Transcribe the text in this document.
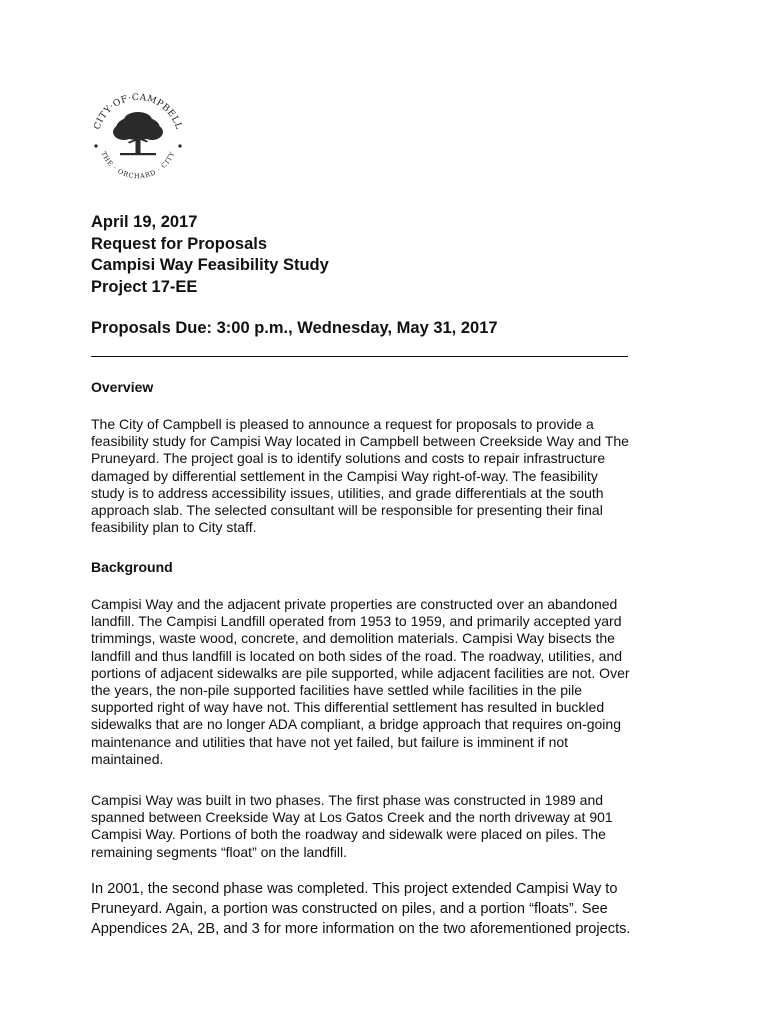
CITY·OF·CAMPBELL
THE · ORCHARD · CITY
April 19, 2017
Request for Proposals
Campisi Way Feasibility Study
Project 17-EE
Proposals Due: 3:00 p.m., Wednesday, May 31, 2017
Overview
The City of Campbell is pleased to announce a request for proposals to provide a
feasibility study for Campisi Way located in Campbell between Creekside Way and The
Pruneyard. The project goal is to identify solutions and costs to repair infrastructure
damaged by differential settlement in the Campisi Way right-of-way. The feasibility
study is to address accessibility issues, utilities, and grade differentials at the south
approach slab. The selected consultant will be responsible for presenting their final
feasibility plan to City staff.
Background
Campisi Way and the adjacent private properties are constructed over an abandoned
landfill. The Campisi Landfill operated from 1953 to 1959, and primarily accepted yard
trimmings, waste wood, concrete, and demolition materials. Campisi Way bisects the
landfill and thus landfill is located on both sides of the road. The roadway, utilities, and
portions of adjacent sidewalks are pile supported, while adjacent facilities are not. Over
the years, the non-pile supported facilities have settled while facilities in the pile
supported right of way have not. This differential settlement has resulted in buckled
sidewalks that are no longer ADA compliant, a bridge approach that requires on-going
maintenance and utilities that have not yet failed, but failure is imminent if not
maintained.
Campisi Way was built in two phases. The first phase was constructed in 1989 and
spanned between Creekside Way at Los Gatos Creek and the north driveway at 901
Campisi Way. Portions of both the roadway and sidewalk were placed on piles. The
remaining segments “float” on the landfill.
In 2001, the second phase was completed. This project extended Campisi Way to
Pruneyard. Again, a portion was constructed on piles, and a portion “floats”. See
Appendices 2A, 2B, and 3 for more information on the two aforementioned projects.
